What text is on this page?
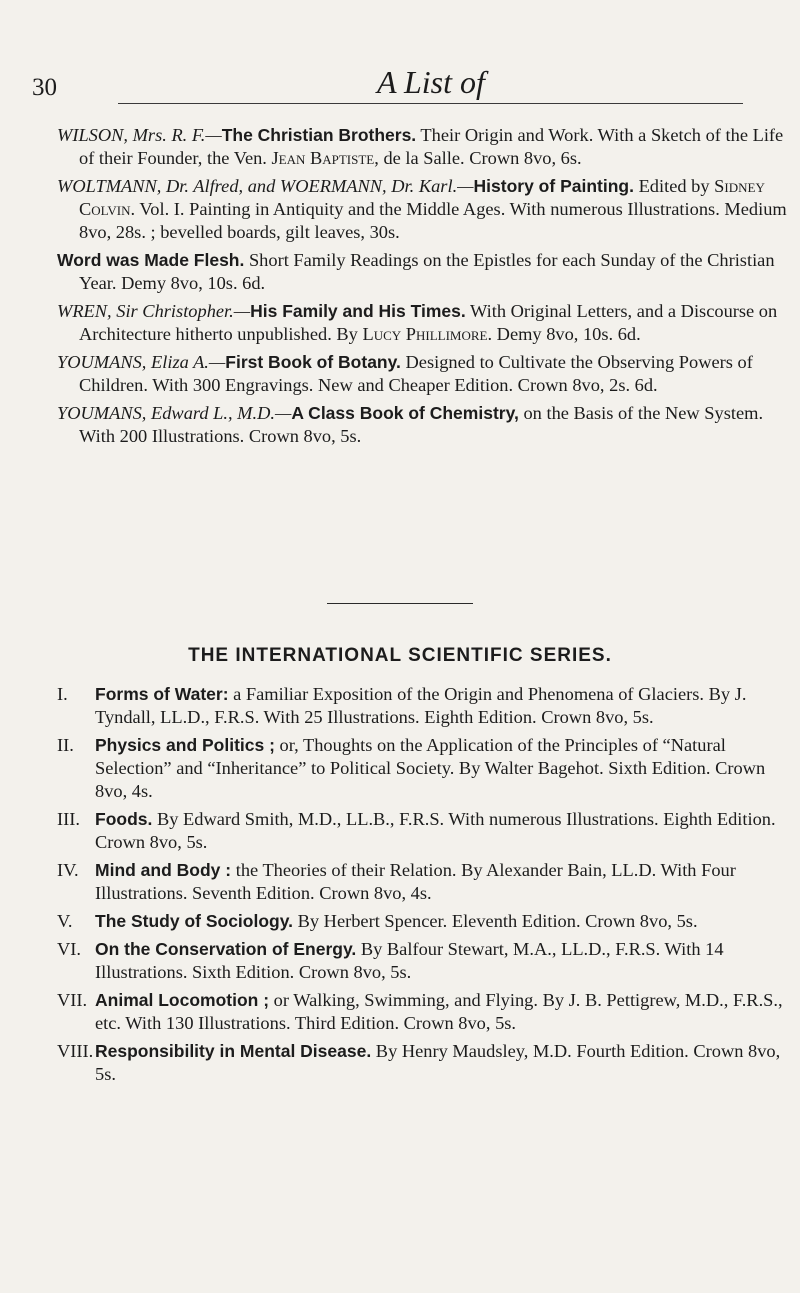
30	A List of

WILSON, Mrs. R. F.—The Christian Brothers. Their Origin and Work. With a Sketch of the Life of their Founder, the Ven. Jean Baptiste, de la Salle. Crown 8vo, 6s.

WOLTMANN, Dr. Alfred, and WOERMANN, Dr. Karl.—History of Painting. Edited by Sidney Colvin. Vol. I. Painting in Antiquity and the Middle Ages. With numerous Illustrations. Medium 8vo, 28s. ; bevelled boards, gilt leaves, 30s.

Word was Made Flesh. Short Family Readings on the Epistles for each Sunday of the Christian Year. Demy 8vo, 10s. 6d.

WREN, Sir Christopher.—His Family and His Times. With Original Letters, and a Discourse on Architecture hitherto unpublished. By Lucy Phillimore. Demy 8vo, 10s. 6d.

YOUMANS, Eliza A.—First Book of Botany. Designed to Cultivate the Observing Powers of Children. With 300 Engravings. New and Cheaper Edition. Crown 8vo, 2s. 6d.

YOUMANS, Edward L., M.D.—A Class Book of Chemistry, on the Basis of the New System. With 200 Illustrations. Crown 8vo, 5s.

THE INTERNATIONAL SCIENTIFIC SERIES.

I. Forms of Water: a Familiar Exposition of the Origin and Phenomena of Glaciers. By J. Tyndall, LL.D., F.R.S. With 25 Illustrations. Eighth Edition. Crown 8vo, 5s.

II. Physics and Politics ; or, Thoughts on the Application of the Principles of “Natural Selection” and “Inheritance” to Political Society. By Walter Bagehot. Sixth Edition. Crown 8vo, 4s.

III. Foods. By Edward Smith, M.D., LL.B., F.R.S. With numerous Illustrations. Eighth Edition. Crown 8vo, 5s.

IV. Mind and Body : the Theories of their Relation. By Alexander Bain, LL.D. With Four Illustrations. Seventh Edition. Crown 8vo, 4s.

V. The Study of Sociology. By Herbert Spencer. Eleventh Edition. Crown 8vo, 5s.

VI. On the Conservation of Energy. By Balfour Stewart, M.A., LL.D., F.R.S. With 14 Illustrations. Sixth Edition. Crown 8vo, 5s.

VII. Animal Locomotion ; or Walking, Swimming, and Flying. By J. B. Pettigrew, M.D., F.R.S., etc. With 130 Illustrations. Third Edition. Crown 8vo, 5s.

VIII.Responsibility in Mental Disease. By Henry Maudsley, M.D. Fourth Edition. Crown 8vo, 5s.
